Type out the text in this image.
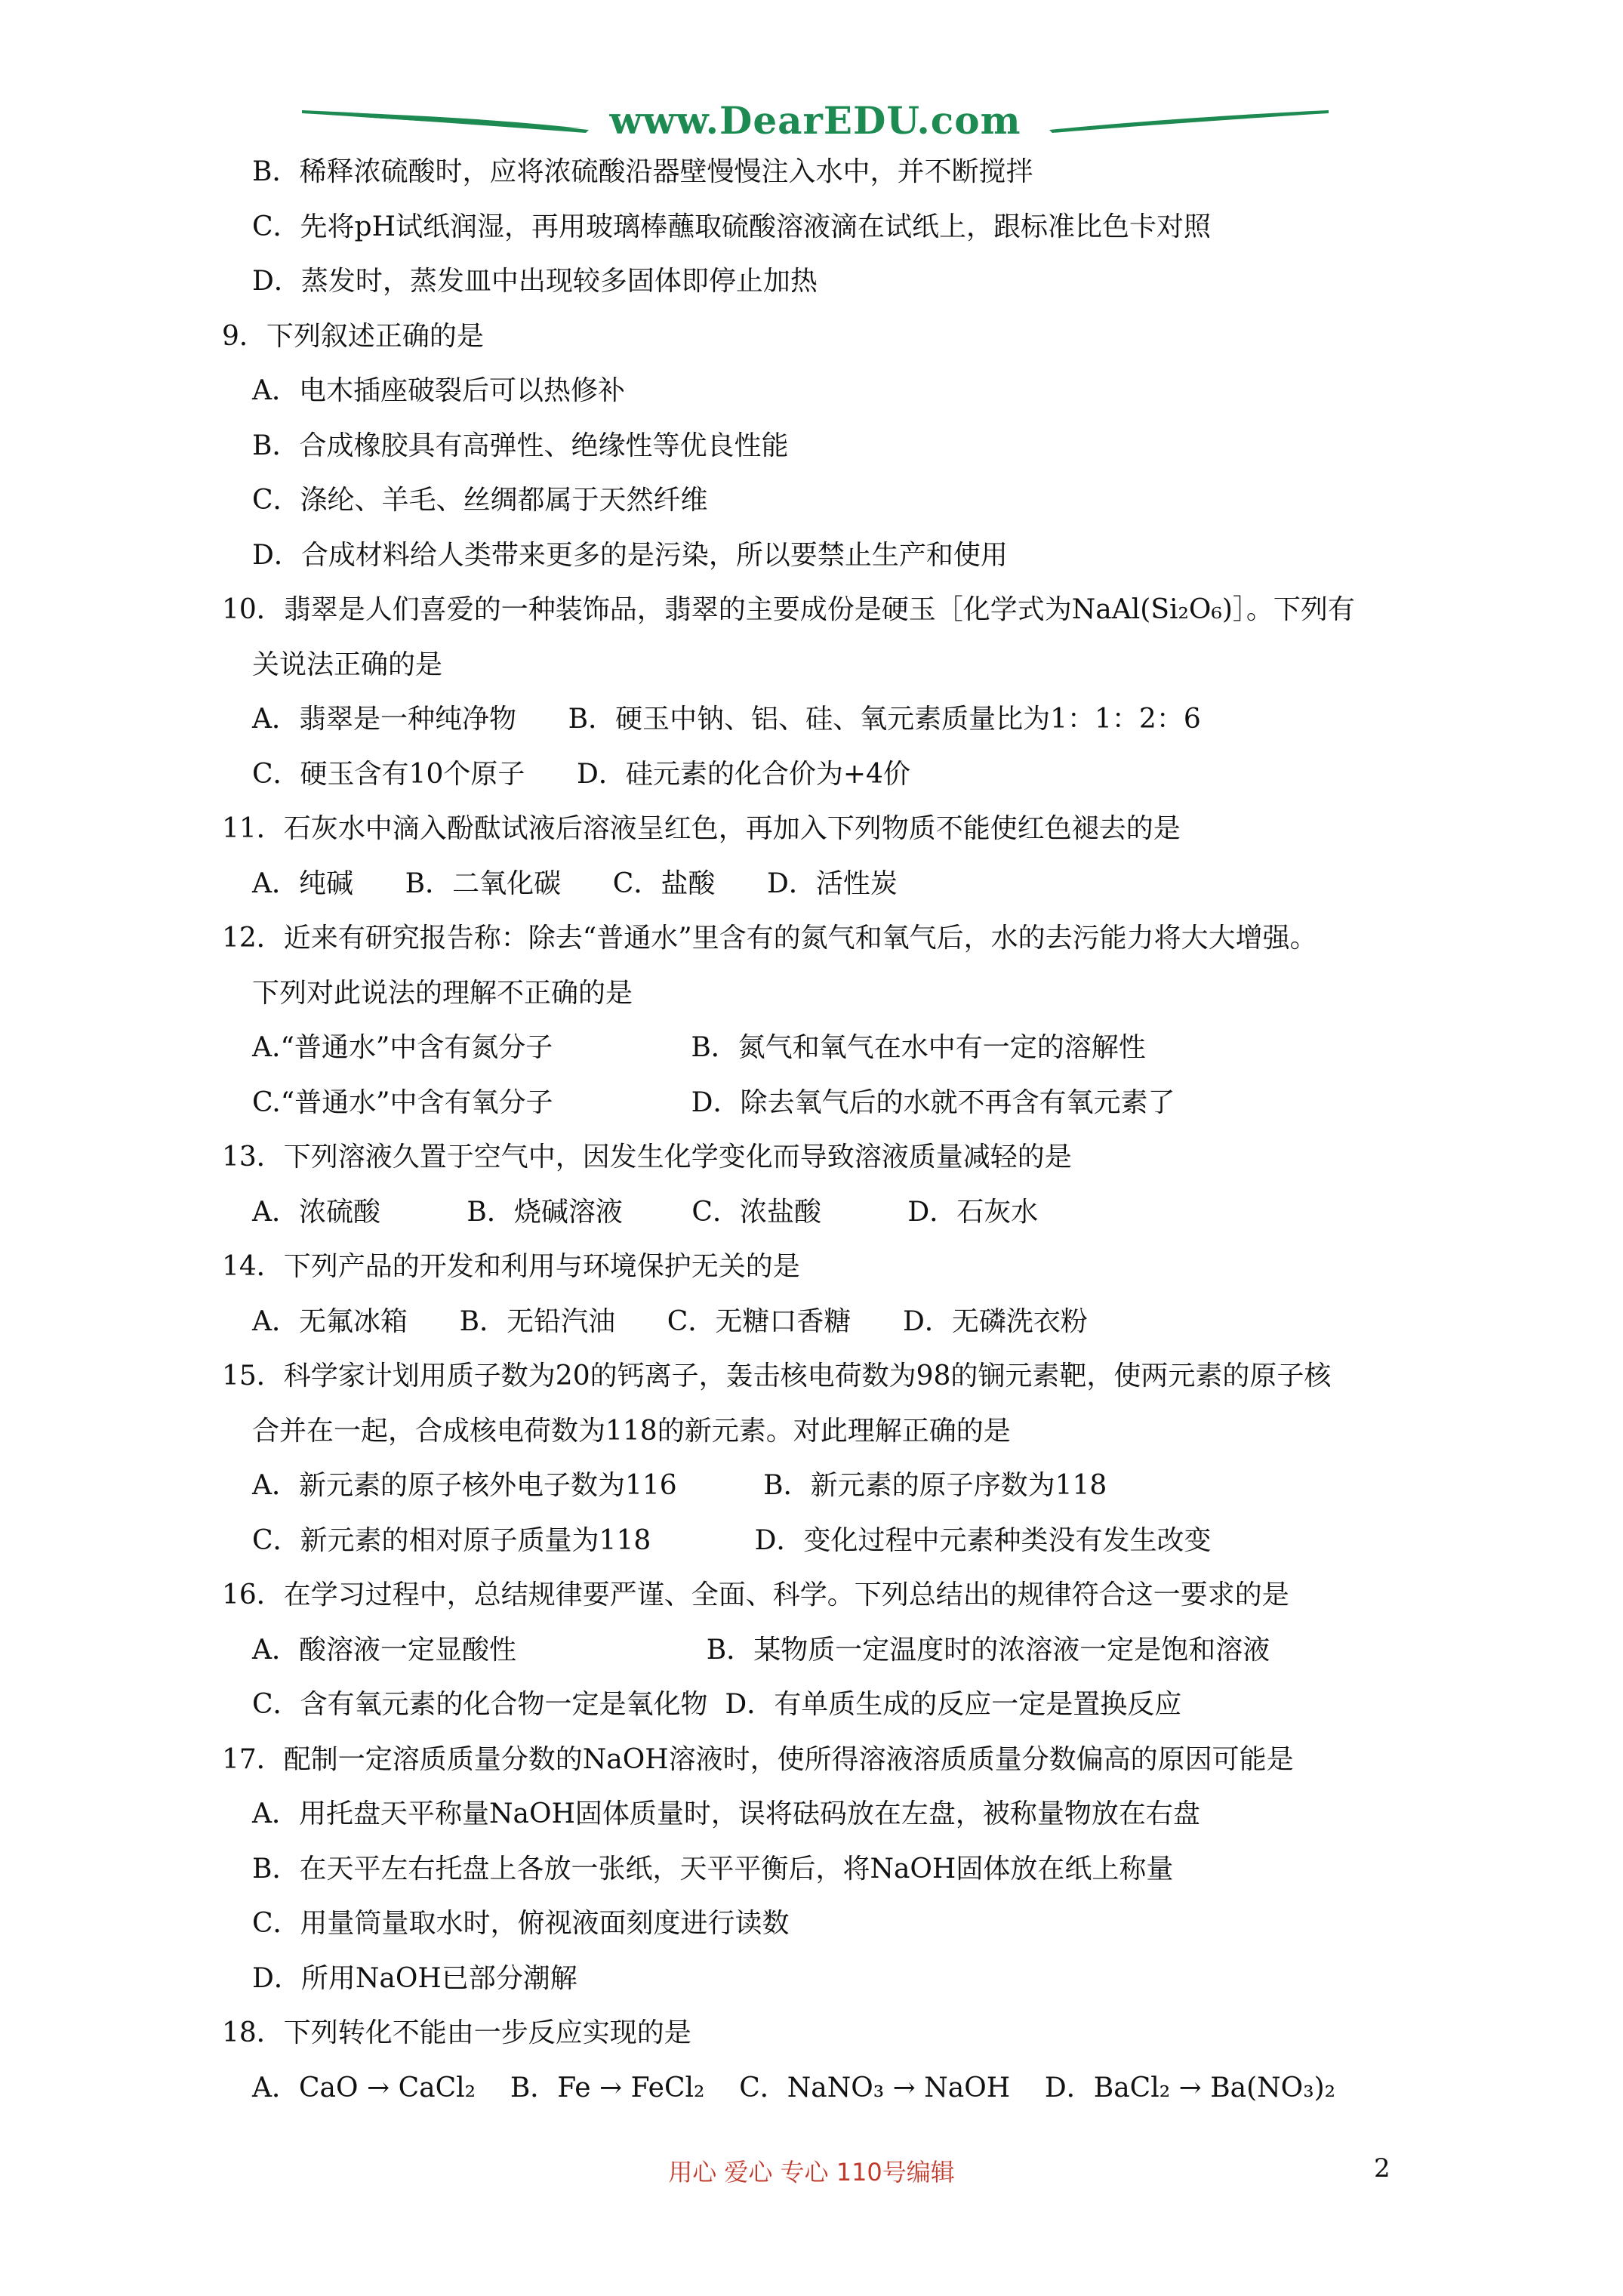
www.DearEDU.com
B．稀释浓硫酸时，应将浓硫酸沿器壁慢慢注入水中，并不断搅拌
C．先将pH试纸润湿，再用玻璃棒蘸取硫酸溶液滴在试纸上，跟标准比色卡对照
D．蒸发时，蒸发皿中出现较多固体即停止加热
9．下列叙述正确的是
A．电木插座破裂后可以热修补
B．合成橡胶具有高弹性、绝缘性等优良性能
C．涤纶、羊毛、丝绸都属于天然纤维
D．合成材料给人类带来更多的是污染，所以要禁止生产和使用
10．翡翠是人们喜爱的一种装饰品，翡翠的主要成份是硬玉［化学式为NaAl(Si₂O₆)］。下列有
关说法正确的是
A．翡翠是一种纯净物      B．硬玉中钠、铝、硅、氧元素质量比为1：1：2：6
C．硬玉含有10个原子      D．硅元素的化合价为+4价
11．石灰水中滴入酚酞试液后溶液呈红色，再加入下列物质不能使红色褪去的是
A．纯碱      B．二氧化碳      C．盐酸      D．活性炭
12．近来有研究报告称：除去“普通水”里含有的氮气和氧气后，水的去污能力将大大增强。
下列对此说法的理解不正确的是
A.“普通水”中含有氮分子                B．氮气和氧气在水中有一定的溶解性
C.“普通水”中含有氧分子                D．除去氧气后的水就不再含有氧元素了
13．下列溶液久置于空气中，因发生化学变化而导致溶液质量减轻的是
A．浓硫酸          B．烧碱溶液        C．浓盐酸          D．石灰水
14．下列产品的开发和利用与环境保护无关的是
A．无氟冰箱      B．无铅汽油      C．无糖口香糖      D．无磷洗衣粉
15．科学家计划用质子数为20的钙离子，轰击核电荷数为98的锎元素靶，使两元素的原子核
合并在一起，合成核电荷数为118的新元素。对此理解正确的是
A．新元素的原子核外电子数为116          B．新元素的原子序数为118
C．新元素的相对原子质量为118            D．变化过程中元素种类没有发生改变
16．在学习过程中，总结规律要严谨、全面、科学。下列总结出的规律符合这一要求的是
A．酸溶液一定显酸性                      B．某物质一定温度时的浓溶液一定是饱和溶液
C．含有氧元素的化合物一定是氧化物  D．有单质生成的反应一定是置换反应
17．配制一定溶质质量分数的NaOH溶液时，使所得溶液溶质质量分数偏高的原因可能是
A．用托盘天平称量NaOH固体质量时，误将砝码放在左盘，被称量物放在右盘
B．在天平左右托盘上各放一张纸，天平平衡后，将NaOH固体放在纸上称量
C．用量筒量取水时，俯视液面刻度进行读数
D．所用NaOH已部分潮解
18．下列转化不能由一步反应实现的是
A．CaO → CaCl₂    B．Fe → FeCl₂    C．NaNO₃ → NaOH    D．BaCl₂ → Ba(NO₃)₂
用心 爱心 专心 110号编辑	2
